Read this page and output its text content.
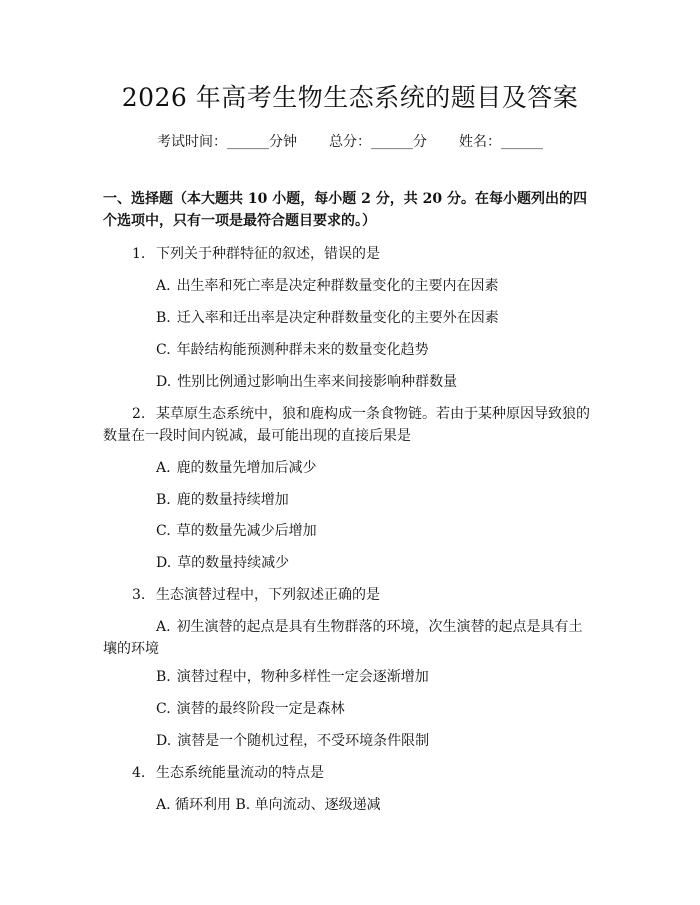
2026 年高考生物生态系统的题目及答案
考试时间：______分钟 总分：______分 姓名：______
一、选择题（本大题共 10 小题，每小题 2 分，共 20 分。在每小题列出的四个选项中，只有一项是最符合题目要求的。）
1. 下列关于种群特征的叙述，错误的是
A. 出生率和死亡率是决定种群数量变化的主要内在因素
B. 迁入率和迁出率是决定种群数量变化的主要外在因素
C. 年龄结构能预测种群未来的数量变化趋势
D. 性别比例通过影响出生率来间接影响种群数量
2. 某草原生态系统中，狼和鹿构成一条食物链。若由于某种原因导致狼的数量在一段时间内锐减，最可能出现的直接后果是
A. 鹿的数量先增加后减少
B. 鹿的数量持续增加
C. 草的数量先减少后增加
D. 草的数量持续减少
3. 生态演替过程中，下列叙述正确的是
A. 初生演替的起点是具有生物群落的环境，次生演替的起点是具有土壤的环境
B. 演替过程中，物种多样性一定会逐渐增加
C. 演替的最终阶段一定是森林
D. 演替是一个随机过程，不受环境条件限制
4. 生态系统能量流动的特点是
A. 循环利用 B. 单向流动、逐级递减
